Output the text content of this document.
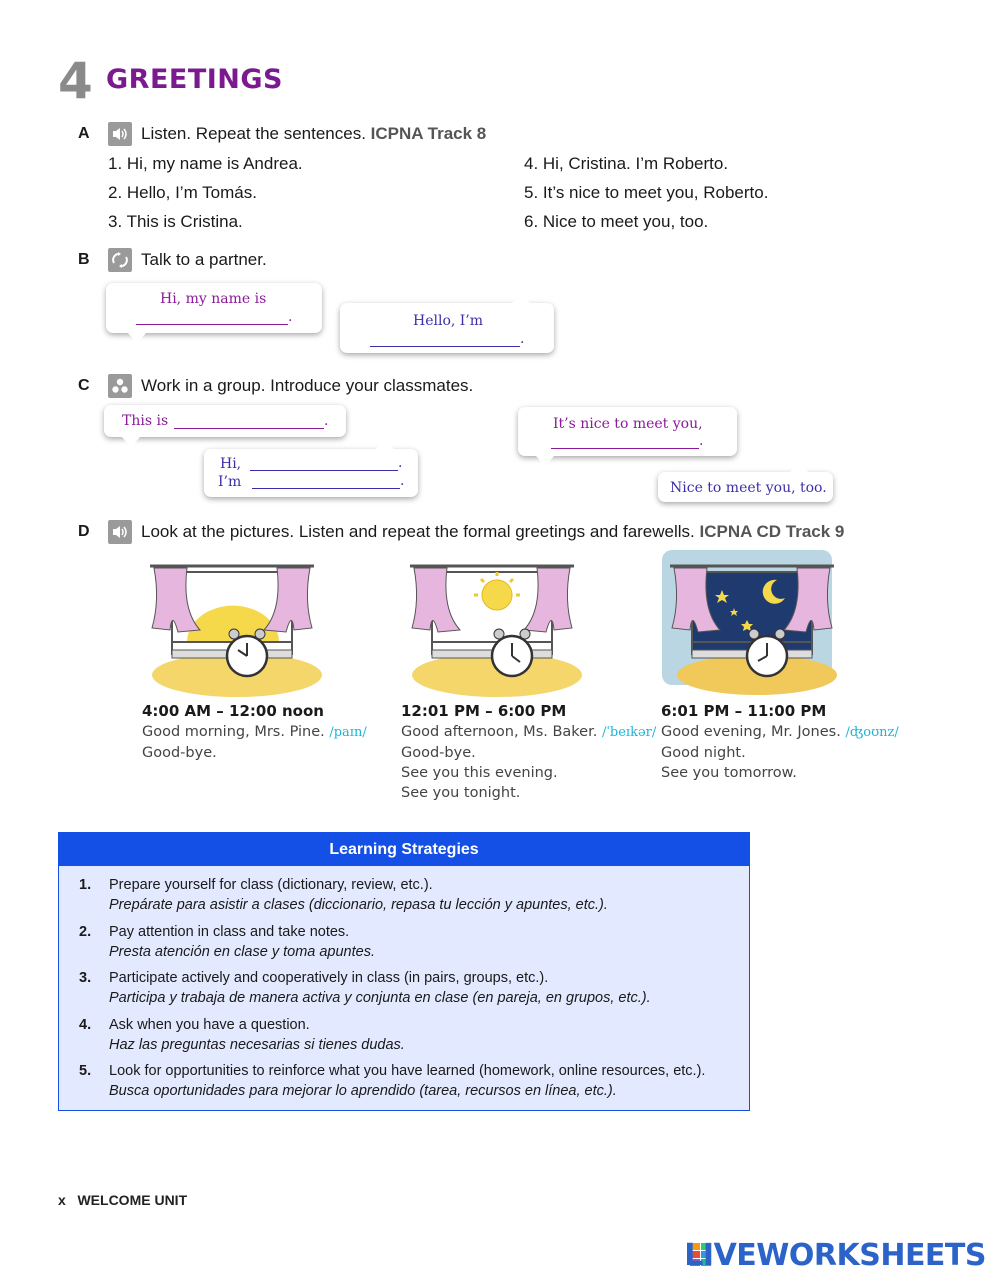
4 GREETINGS
A	Listen. Repeat the sentences. ICPNA Track 8
1. Hi, my name is Andrea.
2. Hello, I’m Tomás.
3. This is Cristina.
4. Hi, Cristina. I’m Roberto.
5. It’s nice to meet you, Roberto.
6. Nice to meet you, too.
B	Talk to a partner.
Hi, my name is
.	Hello, I’m
.
C	Work in a group. Introduce your classmates.
This is	.
Hi,	.
I’m	.
It’s nice to meet you,
.
Nice to meet you, too.
D	Look at the pictures. Listen and repeat the formal greetings and farewells. ICPNA CD Track 9
4:00 AM – 12:00 noon
Good morning, Mrs. Pine. /paɪn/
Good-bye.
12:01 PM – 6:00 PM
Good afternoon, Ms. Baker. /ˈbeɪkər/
Good-bye.
See you this evening.
See you tonight.
6:01 PM – 11:00 PM
Good evening, Mr. Jones. /ʤoʊnz/
Good night.
See you tomorrow.
Learning Strategies
1. Prepare yourself for class (dictionary, review, etc.).
Prepárate para asistir a clases (diccionario, repasa tu lección y apuntes, etc.).
2. Pay attention in class and take notes.
Presta atención en clase y toma apuntes.
3. Participate actively and cooperatively in class (in pairs, groups, etc.).
Participa y trabaja de manera activa y conjunta en clase (en pareja, en grupos, etc.).
4. Ask when you have a question.
Haz las preguntas necesarias si tienes dudas.
5. Look for opportunities to reinforce what you have learned (homework, online resources, etc.).
Busca oportunidades para mejorar lo aprendido (tarea, recursos en línea, etc.).
x WELCOME UNIT
LIVEWORKSHEETS
